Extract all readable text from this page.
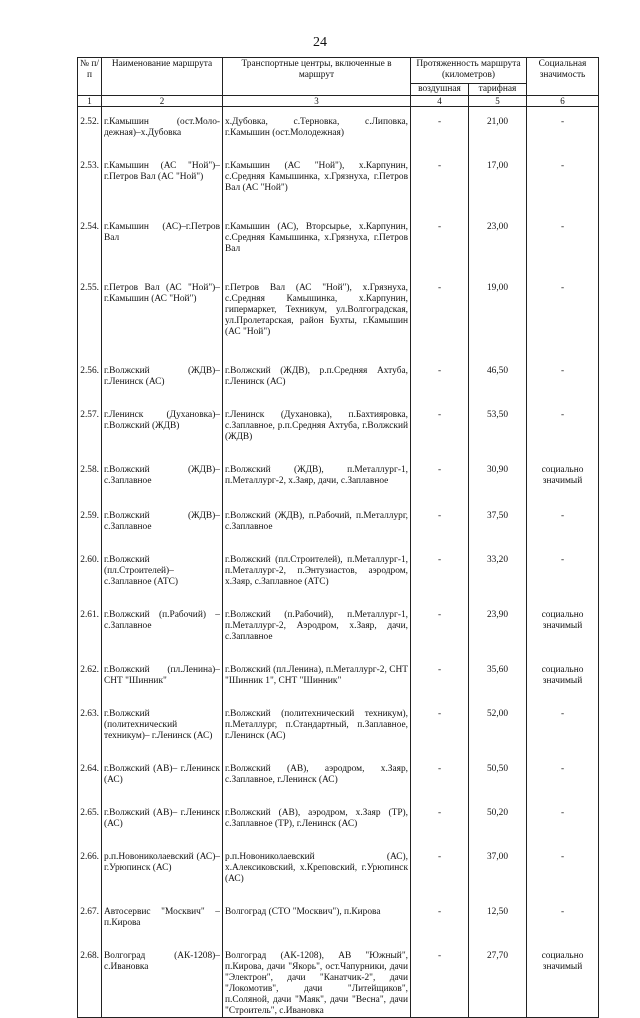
24
№ п/п	Наименование маршрута	Транспортные центры, включенные в маршрут	Протяженность маршрута (километров)		Социальная значимость
			воздушная	тарифная	
1	2	3	4	5	6

2.52.	г.Камышин (ост.Моло-дежная)–х.Дубовка	х.Дубовка, с.Терновка, с.Липовка, г.Камышин (ост.Молодежная)	-	21,00	-

2.53.	г.Камышин (АС "Ной")– г.Петров Вал (АС "Ной")	г.Камышин (АС "Ной"), х.Карпунин, с.Средняя Камышинка, х.Грязнуха, г.Петров Вал (АС "Ной")	-	17,00	-

2.54.	г.Камышин (АС)–г.Петров Вал	г.Камышин (АС), Вторсырье, х.Карпунин, с.Средняя Камышинка, х.Грязнуха, г.Петров Вал	-	23,00	-

2.55.	г.Петров Вал (АС "Ной")– г.Камышин (АС "Ной")	г.Петров Вал (АС "Ной"), х.Грязнуха, с.Средняя Камышинка, х.Карпунин, гипермаркет, Техникум, ул.Волгоградская, ул.Пролетарская, район Бухты, г.Камышин (АС "Ной")	-	19,00	-

2.56.	г.Волжский (ЖДВ)– г.Ленинск (АС)	г.Волжский (ЖДВ), р.п.Средняя Ахтуба, г.Ленинск (АС)	-	46,50	-

2.57.	г.Ленинск (Духановка)– г.Волжский (ЖДВ)	г.Ленинск (Духановка), п.Бахтияровка, с.Заплавное, р.п.Средняя Ахтуба, г.Волжский (ЖДВ)	-	53,50	-

2.58.	г.Волжский (ЖДВ)–с.Заплавное	г.Волжский (ЖДВ), п.Металлург-1, п.Металлург-2, х.Заяр, дачи, с.Заплавное	-	30,90	социально значимый

2.59.	г.Волжский (ЖДВ)–с.Заплавное	г.Волжский (ЖДВ), п.Рабочий, п.Металлург, с.Заплавное	-	37,50	-

2.60.	г.Волжский (пл.Строителей)–с.Заплавное (АТС)	г.Волжский (пл.Строителей), п.Металлург-1, п.Металлург-2, п.Энтузиастов, аэродром, х.Заяр, с.Заплавное (АТС)	-	33,20	-

2.61.	г.Волжский (п.Рабочий) – с.Заплавное	г.Волжский (п.Рабочий), п.Металлург-1, п.Металлург-2, Аэродром, х.Заяр, дачи, с.Заплавное	-	23,90	социально значимый

2.62.	г.Волжский (пл.Ленина)– СНТ "Шинник"	г.Волжский (пл.Ленина), п.Металлург-2, СНТ "Шинник 1", СНТ "Шинник"	-	35,60	социально значимый

2.63.	г.Волжский (политехнический техникум)– г.Ленинск (АС)	г.Волжский (политехнический техникум), п.Металлург, п.Стандартный, п.Заплавное, г.Ленинск (АС)	-	52,00	-

2.64.	г.Волжский (АВ)– г.Ленинск (АС)	г.Волжский (АВ), аэродром, х.Заяр, с.Заплавное, г.Ленинск (АС)	-	50,50	-

2.65.	г.Волжский (АВ)– г.Ленинск (АС)	г.Волжский (АВ), аэродром, х.Заяр (ТР), с.Заплавное (ТР), г.Ленинск (АС)	-	50,20	-

2.66.	р.п.Новониколаевский (АС)–г.Урюпинск (АС)	р.п.Новониколаевский (АС), х.Алексиковский, х.Креповский, г.Урюпинск (АС)	-	37,00	-

2.67.	Автосервис "Москвич" – п.Кирова	Волгоград (СТО "Москвич"), п.Кирова	-	12,50	-

2.68.	Волгоград (АК-1208)– с.Ивановка	Волгоград (АК-1208), АВ "Южный", п.Кирова, дачи "Якорь", ост.Чапурники, дачи "Электрон", дачи "Канатчик-2", дачи "Локомотив", дачи "Литейщиков", п.Соляной, дачи "Маяк", дачи "Весна", дачи "Строитель", с.Ивановка	-	27,70	социально значимый
